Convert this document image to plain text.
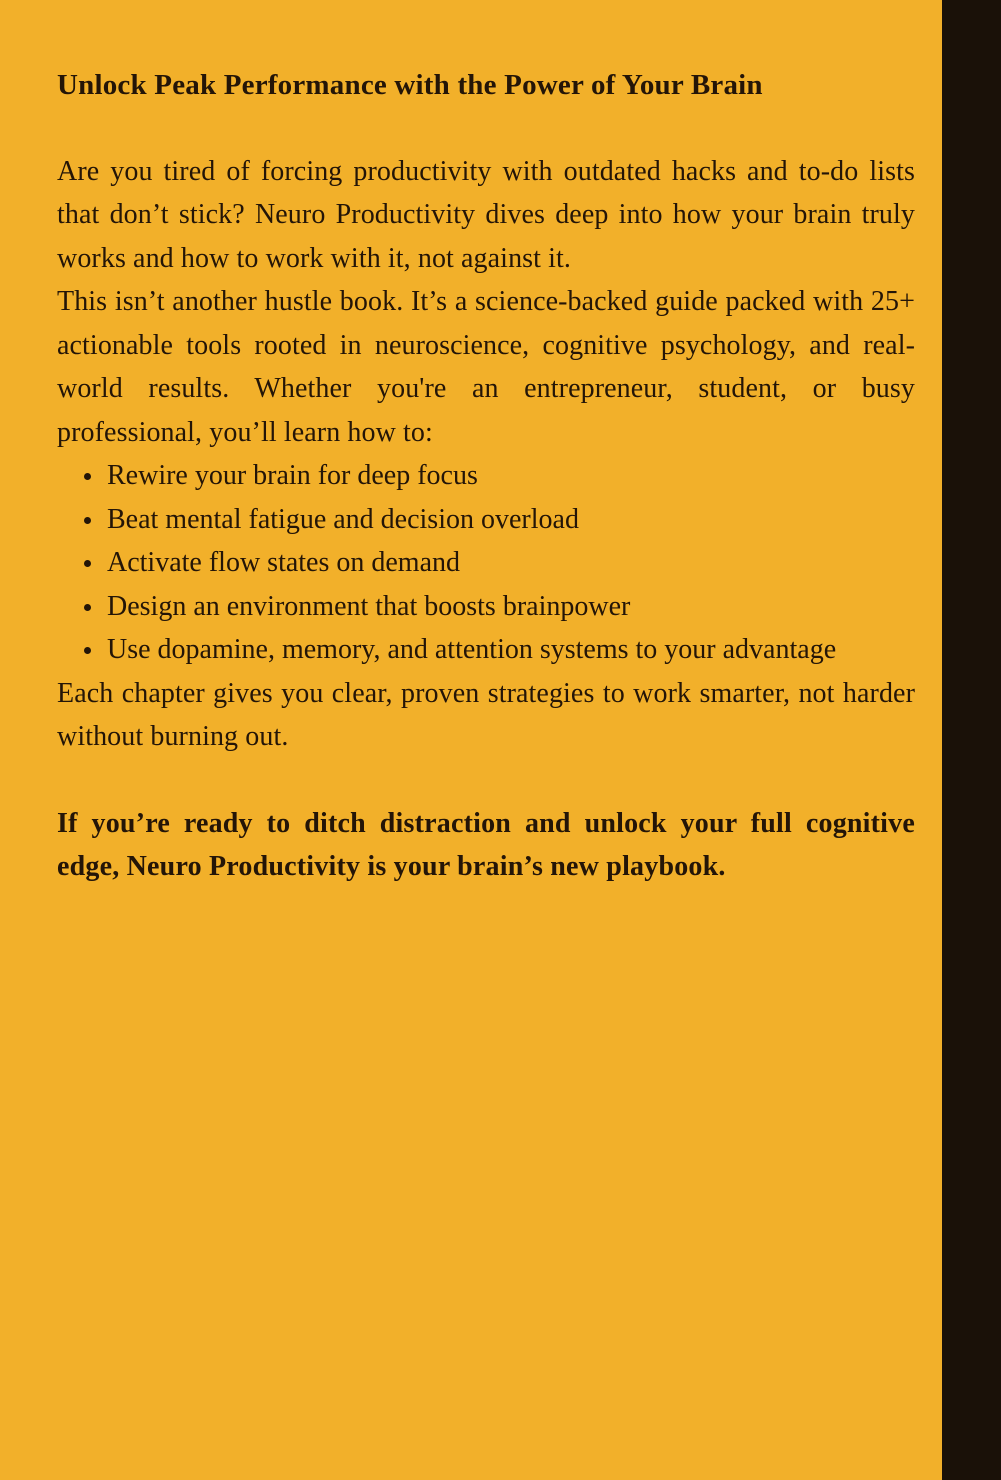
Unlock Peak Performance with the Power of Your Brain

Are you tired of forcing productivity with outdated hacks and to-do lists that don’t stick? Neuro Productivity dives deep into how your brain truly works and how to work with it, not against it.

This isn’t another hustle book. It’s a science-backed guide packed with 25+ actionable tools rooted in neuroscience, cognitive psychology, and real-world results. Whether you're an entrepreneur, student, or busy professional, you’ll learn how to:

Rewire your brain for deep focus
Beat mental fatigue and decision overload
Activate flow states on demand
Design an environment that boosts brainpower
Use dopamine, memory, and attention systems to your advantage

Each chapter gives you clear, proven strategies to work smarter, not harder without burning out.

If you’re ready to ditch distraction and unlock your full cognitive edge, Neuro Productivity is your brain’s new playbook.
